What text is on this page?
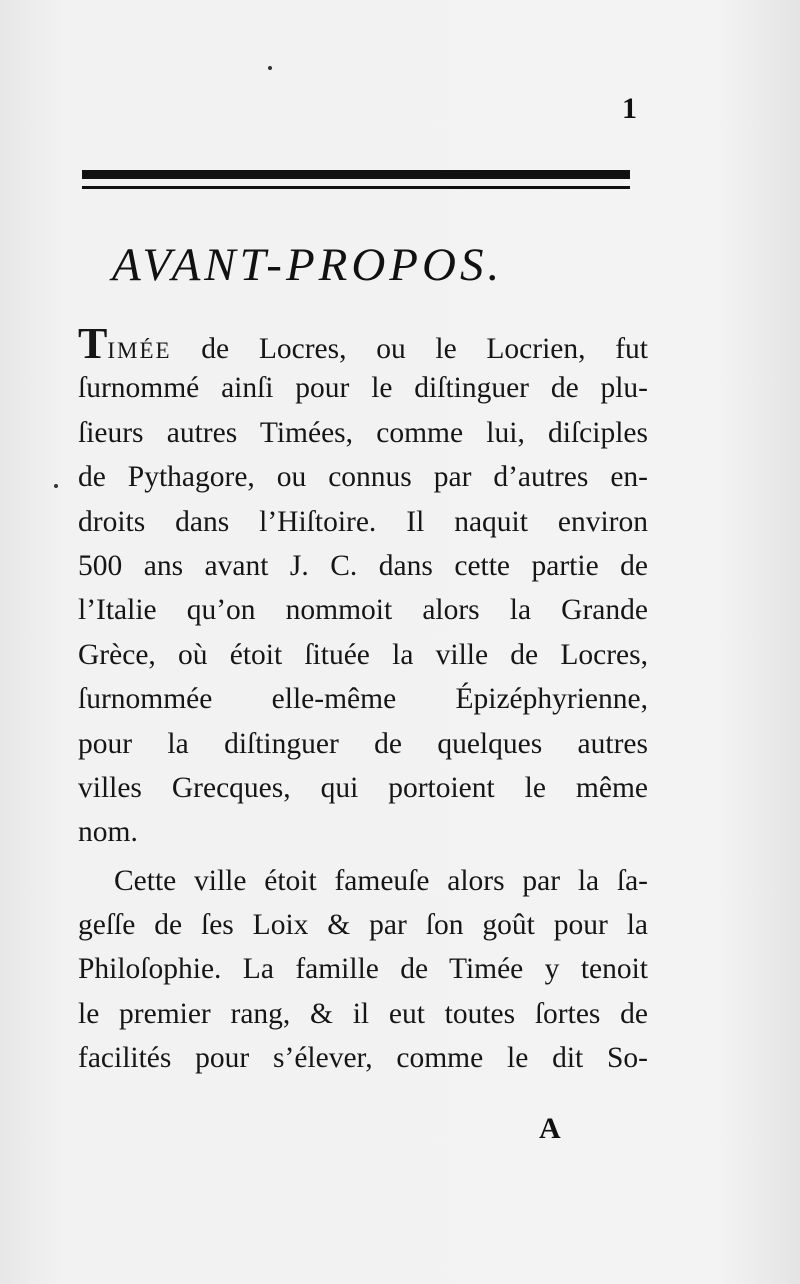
1
AVANT-PROPOS.
TIMÉE de Locres, ou le Locrien, fut
ſurnommé ainſi pour le diſtinguer de plu-
ſieurs autres Timées, comme lui, diſciples
de Pythagore, ou connus par d’autres en-
droits dans l’Hiſtoire. Il naquit environ
500 ans avant J. C. dans cette partie de
l’Italie qu’on nommoit alors la Grande
Grèce, où étoit ſituée la ville de Locres,
ſurnommée elle-même Épizéphyrienne,
pour la diſtinguer de quelques autres
villes Grecques, qui portoient le même
nom.
Cette ville étoit fameuſe alors par la ſa-
geſſe de ſes Loix & par ſon goût pour la
Philoſophie. La famille de Timée y tenoit
le premier rang, & il eut toutes ſortes de
facilités pour s’élever, comme le dit So-
A
